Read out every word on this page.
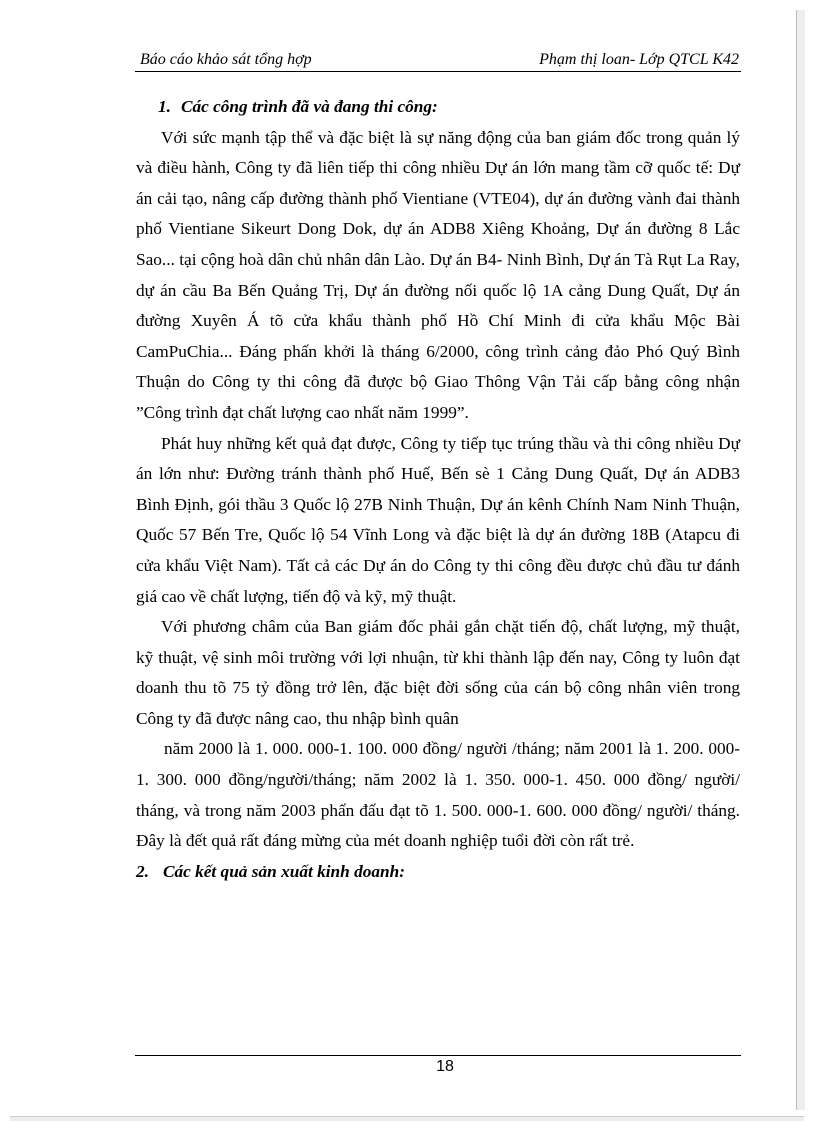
Báo cáo khảo sát tổng hợp	Phạm thị loan- Lớp QTCL K42
1. Các công trình đã và đang thi công:

Với sức mạnh tập thể và đặc biệt là sự năng động của ban giám đốc trong quản lý và điều hành, Công ty đã liên tiếp thi công nhiều Dự án lớn mang tầm cỡ quốc tế: Dự án cải tạo, nâng cấp đường thành phố Vientiane (VTE04), dự án đường vành đai thành phố Vientiane Sikeurt Dong Dok, dự án ADB8 Xiêng Khoảng, Dự án đường 8 Lắc Sao... tại cộng hoà dân chủ nhân dân Lào. Dự án B4- Ninh Bình, Dự án Tà Rụt La Ray, dự án cầu Ba Bến Quảng Trị, Dự án đường nối quốc lộ 1A cảng Dung Quất, Dự án đường Xuyên Á tõ cửa khẩu thành phố Hồ Chí Minh đi cửa khẩu Mộc Bài CamPuChia... Đáng phấn khởi là tháng 6/2000, công trình cảng đảo Phó Quý Bình Thuận do Công ty thi công đã được bộ Giao Thông Vận Tải cấp bằng công nhận ”Công trình đạt chất lượng cao nhất năm 1999”.

Phát huy những kết quả đạt được, Công ty tiếp tục trúng thầu và thi công nhiều Dự án lớn như: Đường tránh thành phố Huế, Bến sè 1 Cảng Dung Quất, Dự án ADB3 Bình Định, gói thầu 3 Quốc lộ 27B Ninh Thuận, Dự án kênh Chính Nam Ninh Thuận, Quốc 57 Bến Tre, Quốc lộ 54 Vĩnh Long và đặc biệt là dự án đường 18B (Atapcu đi cửa khẩu Việt Nam). Tất cả các Dự án do Công ty thi công đều được chủ đầu tư đánh giá cao về chất lượng, tiến độ và kỹ, mỹ thuật.

Với phương châm của Ban giám đốc phải gắn chặt tiến độ, chất lượng, mỹ thuật, kỹ thuật, vệ sinh môi trường với lợi nhuận, từ khi thành lập đến nay, Công ty luôn đạt doanh thu tõ 75 tỷ đồng trở lên, đặc biệt đời sống của cán bộ công nhân viên trong Công ty đã được nâng cao, thu nhập bình quân

năm 2000 là 1. 000. 000-1. 100. 000 đồng/ người /tháng; năm 2001 là 1. 200. 000-1. 300. 000 đồng/người/tháng; năm 2002 là 1. 350. 000-1. 450. 000 đồng/ người/ tháng, và trong năm 2003 phấn đấu đạt tõ 1. 500. 000-1. 600. 000 đồng/ người/ tháng. Đây là đết quả rất đáng mừng của mét doanh nghiệp tuổi đời còn rất trẻ.

2. Các kết quả sản xuất kinh doanh:
18
